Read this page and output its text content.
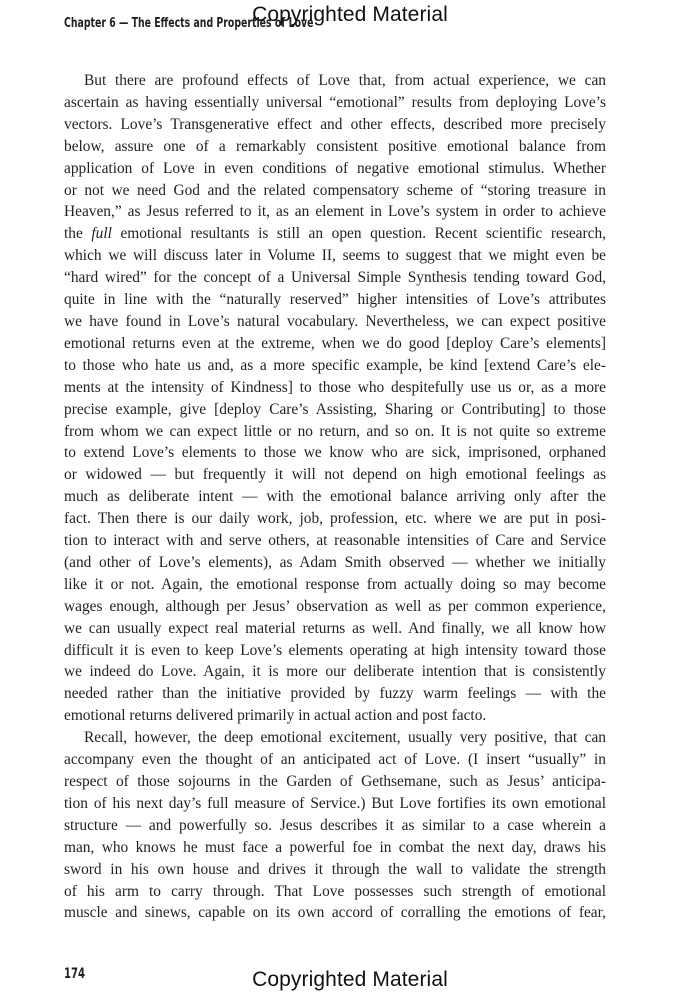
Copyrighted Material
Chapter 6 — The Effects and Properties of Love
But there are profound effects of Love that, from actual experience, we can
ascertain as having essentially universal “emotional” results from deploying Love’s
vectors. Love’s Transgenerative effect and other effects, described more precisely
below, assure one of a remarkably consistent positive emotional balance from
application of Love in even conditions of negative emotional stimulus. Whether
or not we need God and the related compensatory scheme of “storing treasure in
Heaven,” as Jesus referred to it, as an element in Love’s system in order to achieve
the full emotional resultants is still an open question. Recent scientific research,
which we will discuss later in Volume II, seems to suggest that we might even be
“hard wired” for the concept of a Universal Simple Synthesis tending toward God,
quite in line with the “naturally reserved” higher intensities of Love’s attributes
we have found in Love’s natural vocabulary. Nevertheless, we can expect positive
emotional returns even at the extreme, when we do good [deploy Care’s elements]
to those who hate us and, as a more specific example, be kind [extend Care’s ele-
ments at the intensity of Kindness] to those who despitefully use us or, as a more
precise example, give [deploy Care’s Assisting, Sharing or Contributing] to those
from whom we can expect little or no return, and so on. It is not quite so extreme
to extend Love’s elements to those we know who are sick, imprisoned, orphaned
or widowed — but frequently it will not depend on high emotional feelings as
much as deliberate intent — with the emotional balance arriving only after the
fact. Then there is our daily work, job, profession, etc. where we are put in posi-
tion to interact with and serve others, at reasonable intensities of Care and Service
(and other of Love’s elements), as Adam Smith observed — whether we initially
like it or not. Again, the emotional response from actually doing so may become
wages enough, although per Jesus’ observation as well as per common experience,
we can usually expect real material returns as well. And finally, we all know how
difficult it is even to keep Love’s elements operating at high intensity toward those
we indeed do Love. Again, it is more our deliberate intention that is consistently
needed rather than the initiative provided by fuzzy warm feelings — with the
emotional returns delivered primarily in actual action and post facto.
Recall, however, the deep emotional excitement, usually very positive, that can
accompany even the thought of an anticipated act of Love. (I insert “usually” in
respect of those sojourns in the Garden of Gethsemane, such as Jesus’ anticipa-
tion of his next day’s full measure of Service.) But Love fortifies its own emotional
structure — and powerfully so. Jesus describes it as similar to a case wherein a
man, who knows he must face a powerful foe in combat the next day, draws his
sword in his own house and drives it through the wall to validate the strength
of his arm to carry through. That Love possesses such strength of emotional
muscle and sinews, capable on its own accord of corralling the emotions of fear,
174	Copyrighted Material
